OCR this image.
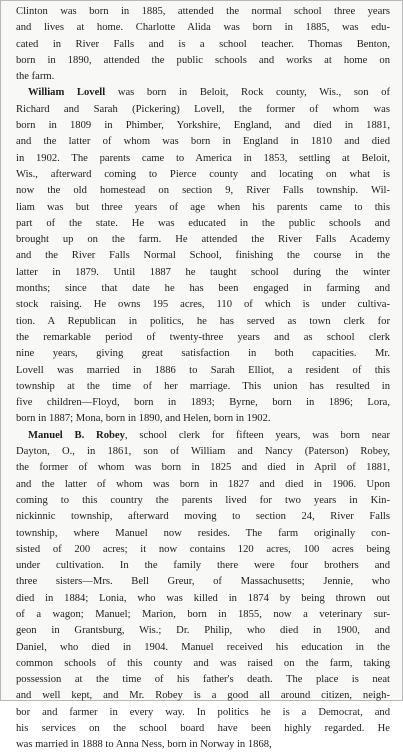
Clinton was born in 1885, attended the normal school three years
and lives at home. Charlotte Alida was born in 1885, was edu-
cated in River Falls and is a school teacher. Thomas Benton,
born in 1890, attended the public schools and works at home on
the farm.
William Lovell was born in Beloit, Rock county, Wis., son of
Richard and Sarah (Pickering) Lovell, the former of whom was
born in 1809 in Phimber, Yorkshire, England, and died in 1881,
and the latter of whom was born in England in 1810 and died
in 1902. The parents came to America in 1853, settling at Beloit,
Wis., afterward coming to Pierce county and locating on what is
now the old homestead on section 9, River Falls township. Wil-
liam was but three years of age when his parents came to this
part of the state. He was educated in the public schools and
brought up on the farm. He attended the River Falls Academy
and the River Falls Normal School, finishing the course in the
latter in 1879. Until 1887 he taught school during the winter
months; since that date he has been engaged in farming and
stock raising. He owns 195 acres, 110 of which is under cultiva-
tion. A Republican in politics, he has served as town clerk for
the remarkable period of twenty-three years and as school clerk
nine years, giving great satisfaction in both capacities. Mr.
Lovell was married in 1886 to Sarah Elliot, a resident of this
township at the time of her marriage. This union has resulted in
five children—Floyd, born in 1893; Byrne, born in 1896; Lora,
born in 1887; Mona, born in 1890, and Helen, born in 1902.
Manuel B. Robey, school clerk for fifteen years, was born near
Dayton, O., in 1861, son of William and Nancy (Paterson) Robey,
the former of whom was born in 1825 and died in April of 1881,
and the latter of whom was born in 1827 and died in 1906. Upon
coming to this country the parents lived for two years in Kin-
nickinnic township, afterward moving to section 24, River Falls
township, where Manuel now resides. The farm originally con-
sisted of 200 acres; it now contains 120 acres, 100 acres being
under cultivation. In the family there were four brothers and
three sisters—Mrs. Bell Greur, of Massachusetts; Jennie, who
died in 1884; Lonia, who was killed in 1874 by being thrown out
of a wagon; Manuel; Marion, born in 1855, now a veterinary sur-
geon in Grantsburg, Wis.; Dr. Philip, who died in 1900, and
Daniel, who died in 1904. Manuel received his education in the
common schools of this county and was raised on the farm, taking
possession at the time of his father's death. The place is neat
and well kept, and Mr. Robey is a good all around citizen, neigh-
bor and farmer in every way. In politics he is a Democrat, and
his services on the school board have been highly regarded. He
was married in 1888 to Anna Ness, born in Norway in 1868,
